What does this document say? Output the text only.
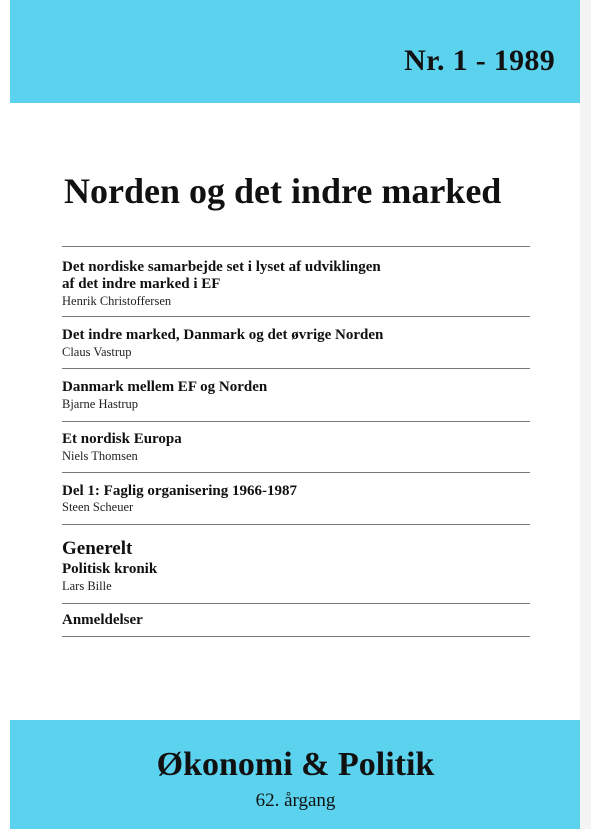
Nr. 1 - 1989
Norden og det indre marked
Det nordiske samarbejde set i lyset af udviklingen
af det indre marked i EF
Henrik Christoffersen
Det indre marked, Danmark og det øvrige Norden
Claus Vastrup
Danmark mellem EF og Norden
Bjarne Hastrup
Et nordisk Europa
Niels Thomsen
Del 1: Faglig organisering 1966-1987
Steen Scheuer
Generelt
Politisk kronik
Lars Bille
Anmeldelser
Økonomi & Politik
62. årgang
